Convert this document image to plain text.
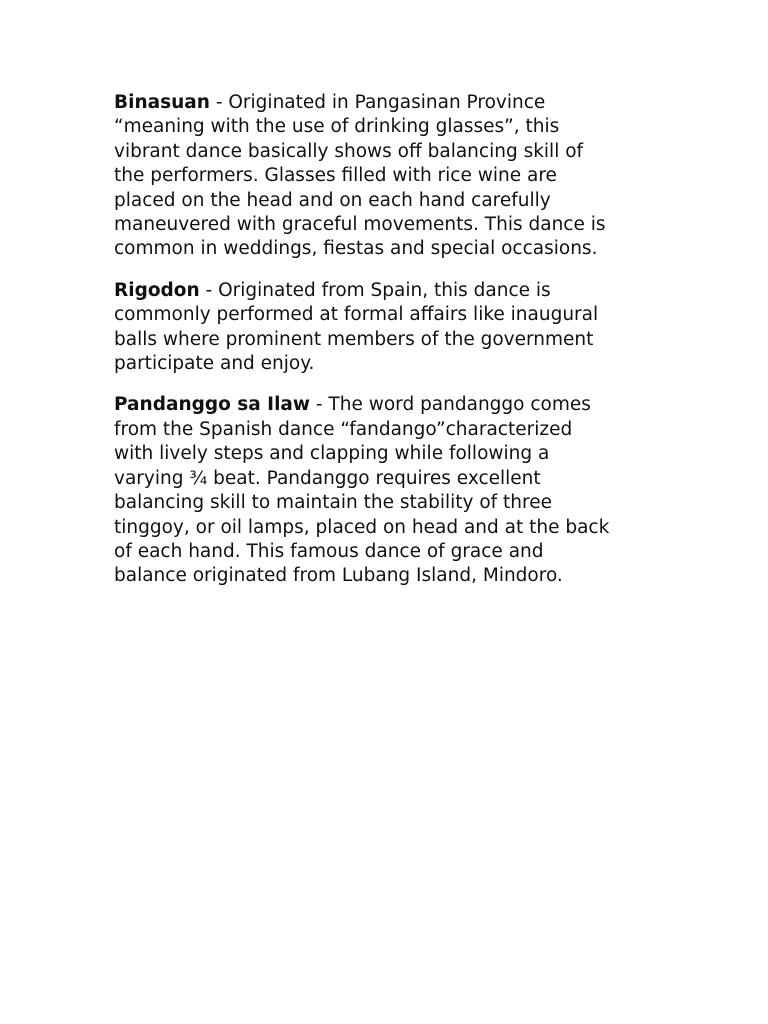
Binasuan - Originated in Pangasinan Province
“meaning with the use of drinking glasses”, this
vibrant dance basically shows off balancing skill of
the performers. Glasses filled with rice wine are
placed on the head and on each hand carefully
maneuvered with graceful movements. This dance is
common in weddings, fiestas and special occasions.

Rigodon - Originated from Spain, this dance is
commonly performed at formal affairs like inaugural
balls where prominent members of the government
participate and enjoy.

Pandanggo sa Ilaw - The word pandanggo comes
from the Spanish dance “fandango”characterized
with lively steps and clapping while following a
varying ¾ beat. Pandanggo requires excellent
balancing skill to maintain the stability of three
tinggoy, or oil lamps, placed on head and at the back
of each hand. This famous dance of grace and
balance originated from Lubang Island, Mindoro.
